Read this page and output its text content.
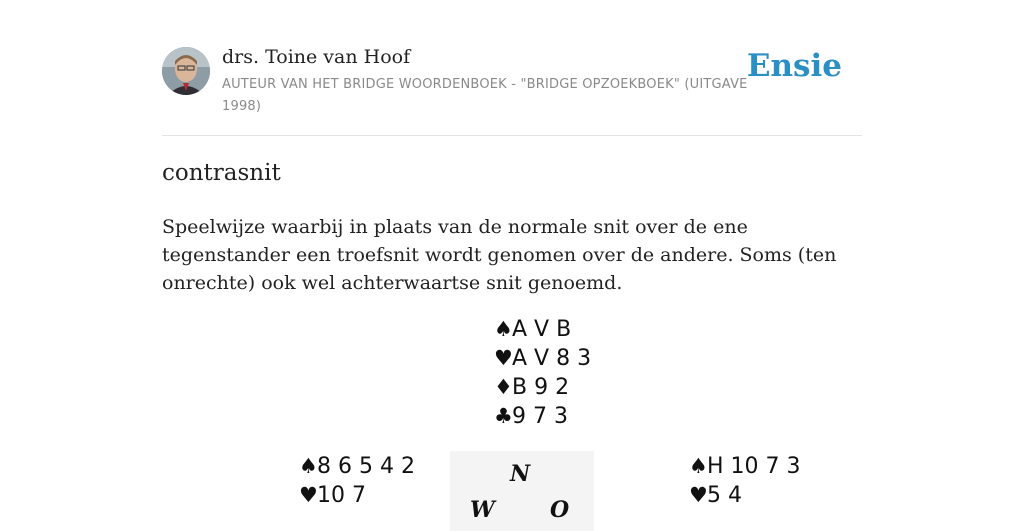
drs. Toine van Hoof
AUTEUR VAN HET BRIDGE WOORDENBOEK - "BRIDGE OPZOEKBOEK" (UITGAVE 1998)
Ensie
contrasnit
Speelwijze waarbij in plaats van de normale snit over de ene tegenstander een troefsnit wordt genomen over de andere. Soms (ten onrechte) ook wel achterwaartse snit genoemd.
♠A V B
♥A V 8 3
♦B 9 2
♣9 7 3
♠8 6 5 4 2
♥10 7
N
W	O
♠H 10 7 3
♥5 4
